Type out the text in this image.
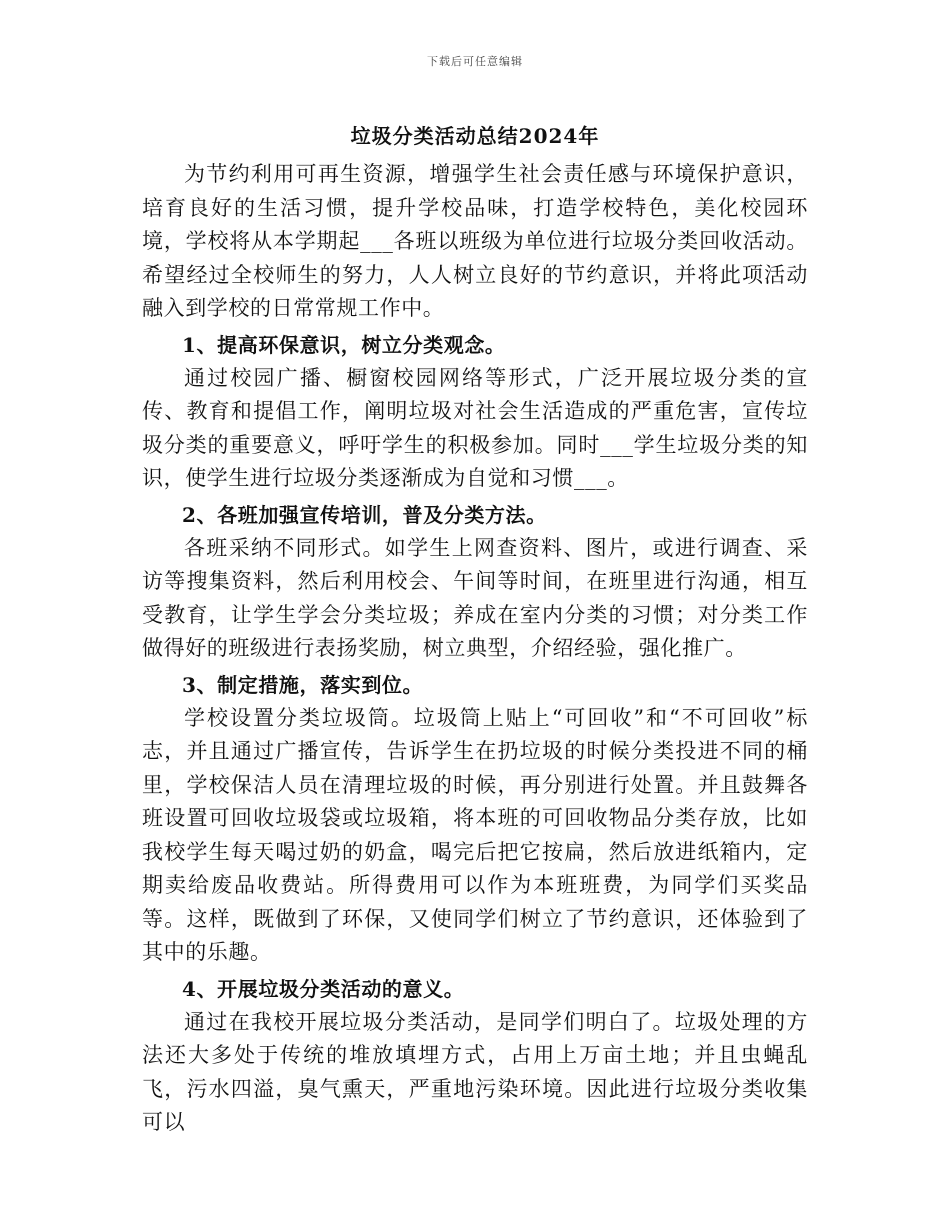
下载后可任意编辑
垃圾分类活动总结2024年

为节约利用可再生资源，增强学生社会责任感与环境保护意识，培育良好的生活习惯，提升学校品味，打造学校特色，美化校园环境，学校将从本学期起___各班以班级为单位进行垃圾分类回收活动。希望经过全校师生的努力，人人树立良好的节约意识，并将此项活动融入到学校的日常常规工作中。

1、提高环保意识，树立分类观念。

通过校园广播、橱窗校园网络等形式，广泛开展垃圾分类的宣传、教育和提倡工作，阐明垃圾对社会生活造成的严重危害，宣传垃圾分类的重要意义，呼吁学生的积极参加。同时___学生垃圾分类的知识，使学生进行垃圾分类逐渐成为自觉和习惯___。

2、各班加强宣传培训，普及分类方法。

各班采纳不同形式。如学生上网查资料、图片，或进行调查、采访等搜集资料，然后利用校会、午间等时间，在班里进行沟通，相互受教育，让学生学会分类垃圾；养成在室内分类的习惯；对分类工作做得好的班级进行表扬奖励，树立典型，介绍经验，强化推广。

3、制定措施，落实到位。

学校设置分类垃圾筒。垃圾筒上贴上“可回收”和“不可回收”标志，并且通过广播宣传，告诉学生在扔垃圾的时候分类投进不同的桶里，学校保洁人员在清理垃圾的时候，再分别进行处置。并且鼓舞各班设置可回收垃圾袋或垃圾箱，将本班的可回收物品分类存放，比如我校学生每天喝过奶的奶盒，喝完后把它按扁，然后放进纸箱内，定期卖给废品收费站。所得费用可以作为本班班费，为同学们买奖品等。这样，既做到了环保，又使同学们树立了节约意识，还体验到了其中的乐趣。

4、开展垃圾分类活动的意义。

通过在我校开展垃圾分类活动，是同学们明白了。垃圾处理的方法还大多处于传统的堆放填埋方式，占用上万亩土地；并且虫蝇乱飞，污水四溢，臭气熏天，严重地污染环境。因此进行垃圾分类收集可以
